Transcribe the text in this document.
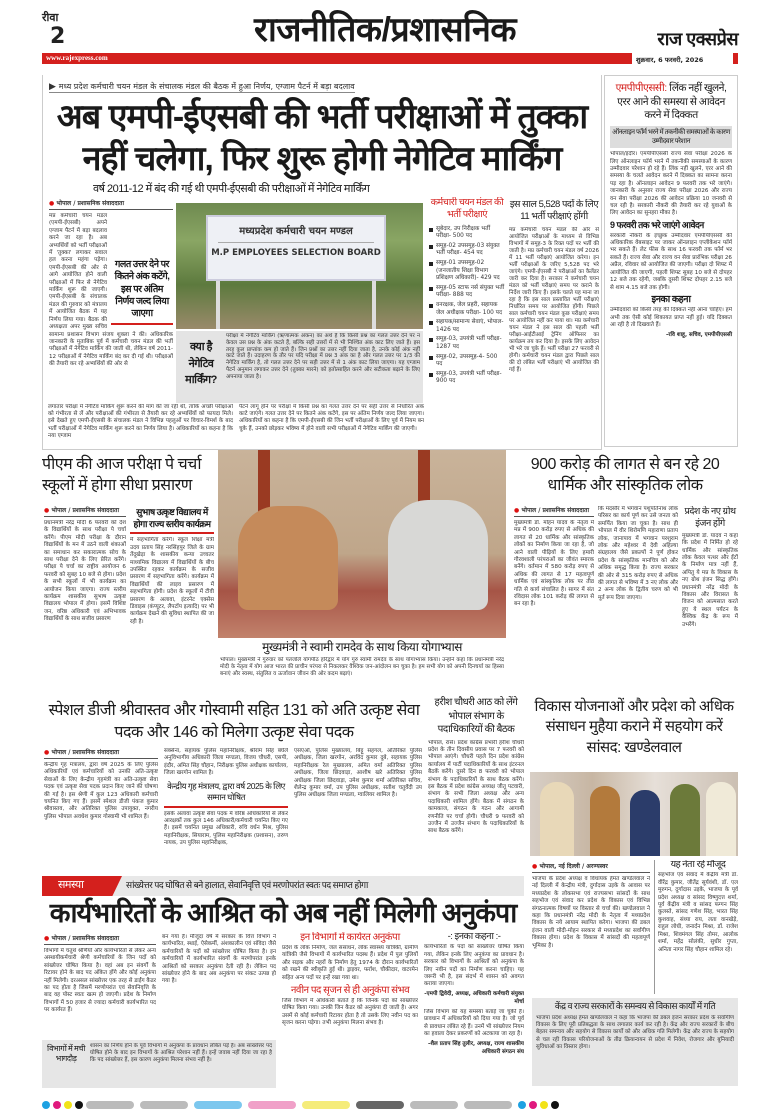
रीवा
2	राजनीतिक/प्रशासनिक	राज एक्सप्रेस
www.rajexpress.com	शुक्रवार, 6 फरवरी, 2026
▶ मध्य प्रदेश कर्मचारी चयन मंडल के संचालक मंडल की बैठक में हुआ निर्णय, एग्जाम पैटर्न में बड़ा बदलाव
अब एमपी-ईएसबी की भर्ती परीक्षाओं में तुक्का
नहीं चलेगा, फिर शुरू होगी नेगेटिव मार्किंग
वर्ष 2011-12 में बंद की गई थी एमपी-ईएसबी की परीक्षाओं में नेगेटिव मार्किंग
● भोपाल / प्रशासनिक संवाददाता
गलत उत्तर देने पर कितने अंक कटेंगे, इस पर अंतिम निर्णय जल्द लिया जाएगा
मप्र कर्मचारी चयन मंडल (एमपी-ईएसबी) अपने एग्जाम पैटर्न में बड़ा बदलाव करने जा रहा है। अब अभ्यर्थियों को भर्ती परीक्षाओं में 'तुक्का' लगाकर सवाल हल करना महंगा पड़ेगा। एमपी-ईएसबी की ओर से आगे आयोजित होने वाली परीक्षाओं में फिर से नेगेटिव मार्किंग शुरू की जाएगी। एमपी-ईएसबी के संचालक मंडल की गुरुवार को मंत्रालय में आयोजित बैठक में यह निर्णय लिया गया। बैठक की अध्यक्षता अपर मुख्य सचिव सामान्य प्रशासन विभाग संजय शुक्ला ने की। अधिकारिक जानकारी के मुताबिक पूर्व में कर्मचारी चयन मंडल की भर्ती परीक्षाओं में नेगेटिव मार्किंग की जाती थी, लेकिन वर्ष 2011-12 परीक्षाओं में नेगेटिव मार्किंग बंद कर दी गई थी। परीक्षाओं की तैयारी कर रहे अभ्यर्थियों की ओर से
मध्यप्रदेश कर्मचारी चयन मण्डल
M.P EMPLOYEES SELECTION BOARD
क्या है नेगेटिव मार्किंग?
परीक्षा में नेगेटिव मार्किंग (ऋणात्मक अंकन) का अर्थ है कि किसी प्रश्न का गलत उत्तर देने पर न केवल उस प्रश्न के अंक कटते हैं, बल्कि सही उत्तरों में से भी निश्चित अंक काट लिए जाते हैं। इस तरह कुल प्राप्तांक कम हो जाते हैं। जिन प्रश्नों का उत्तर नहीं दिया जाता है, उनके कोई अंक नहीं काटे जाते हैं। उदाहरण के तौर पर यदि परीक्षा में प्रश्न 3 अंक का है और गलत उत्तर पर 1/3 की नेगेटिव मार्किंग है, तो गलत उत्तर देने पर सही उत्तर में से 1 अंक काट लिया जाएगा। यह एग्जाम पैटर्न अनुमान लगाकर उत्तर देने (तुक्का मारने) को हतोत्साहित करने और सटीकता बढ़ाने के लिए अपनाया जाता है।
कर्मचारी चयन मंडल की भर्ती परीक्षाएं
सूबेदार, उप निरीक्षक भर्ती परीक्षा- 500 पद
समूह-02 उपसमूह-03 संयुक्त भर्ती परीक्षा- 454 पद
समूह-01 उपसमूह-02 (जनजातीय शिक्षा विभाग प्रशिक्षण अधिकारी)- 429 पद
समूह-05 स्टाफ नर्स संयुक्त भर्ती परीक्षा- 888 पद
वनरक्षक, जेल प्रहरी, सहायक जेल अधीक्षक परीक्षा- 100 पद
सहायक/सामान्य सेवाएं, भोपाल- 1426 पद
समूह-03, उपयंत्री भर्ती परीक्षा- 1287 पद
समूह-02, उपसमूह-4- 500 पद
समूह-03, उपयंत्री भर्ती परीक्षा- 900 पद
इस साल 5,528 पदों के लिए 11 भर्ती परीक्षाएं होंगी
मप्र कर्मचारी चयन मंडल की ओर से आयोजित परीक्षाओं के माध्यम से विभिन्न विभागों में समूह-3 के रिक्त पदों पर भर्ती की जाती है। मप्र कर्मचारी चयन मंडल वर्ष 2026 में 11 भर्ती परीक्षाएं आयोजित करेगा। इन भर्ती परीक्षाओं के जरिए 5,528 पद भरे जाएंगे। एमपी-ईएसबी ने परीक्षाओं का कैलेंडर जारी कर दिया है। सरकार ने कर्मचारी चयन मंडल को भर्ती परीक्षाएं समय पर कराने के निर्देश जारी किए हैं। इसके चलते यह माना जा रहा है कि इस साल प्रस्तावित भर्ती परीक्षाएं निर्धारित समय पर आयोजित होंगी। पिछले साल कर्मचारी चयन मंडल कुछ परीक्षाएं समय पर आयोजित नहीं कर पाया था। मप्र कर्मचारी चयन मंडल ने इस साल की पहली भर्ती परीक्षा-आईटीआई ट्रेनिंग ऑफिसर का कार्यक्रम तय कर दिया है। इसके लिए आवेदन भी भरे जा चुके हैं। भर्ती परीक्षा 27 फरवरी से होगी। कर्मचारी चयन मंडल द्वारा पिछले साल की दो लंबित भर्ती परीक्षाएं भी आयोजित की गई हैं।
लगातार परीक्षा में नेगेटिव मार्किंग शुरू करने की मांग की जा रही थी, ताकि अच्छी परीक्षाओं को गंभीरता से लें और परीक्षाओं की गंभीरता से तैयारी कर रहे अभ्यर्थियों को फायदा मिले। इसे देखते हुए एमपी-ईएसबी के संचालक मंडल ने विभिन्न पहलुओं पर विचार-विमर्श के बाद भर्ती परीक्षाओं में नेगेटिव मार्किंग शुरू करने का निर्णय लिया है। अधिकारियों का कहना है कि नया एग्जाम
पैटर्न लागू होने पर परीक्षा में किसी प्रश्न का गलत उत्तर देने पर सही उत्तर से निर्धारित अंक काटे जाएंगे। गलत उत्तर देने पर कितने अंक कटेंगे, इस पर अंतिम निर्णय जल्द लिया जाएगा। अधिकारियों का कहना है कि एमपी-ईएसबी की जिन भर्ती परीक्षाओं के लिए पूर्व में नियम बन चुके हैं, उनको छोड़कर भविष्य में होने वाली सभी परीक्षाओं में नेगेटिव मार्किंग की जाएगी।
एमपीपीएससी: लिंक नहीं खुलने, एरर आने की समस्या से आवेदन करने में दिक्कत
ऑनलाइन फॉर्म भरने में तकनीकी समस्याओं के कारण उम्मीदवार परेशान
भोपाल/इंदौर। एमपीपीएससी राज्य सेवा परीक्षा 2026 के लिए ऑनलाइन फॉर्म भरने में तकनीकी समस्याओं के कारण उम्मीदवार परेशान हो रहे हैं। लिंक नहीं खुलने, एरर आने की समस्या के चलते आवेदन करने में दिक्कत का सामना करना पड़ रहा है। ऑनलाइन आवेदन 9 फरवरी तक भरे जाएंगे। जानकारी के अनुसार राज्य सेवा परीक्षा 2026 और राज्य वन सेवा परीक्षा 2026 की आवेदन प्रक्रिया 10 जनवरी से चल रही है। सरकारी नौकरी की तैयारी कर रहे युवाओं के लिए आवेदन का सुनहरा मौका है।
9 फरवरी तक भरे जाएंगे आवेदन
सरकारी नौकरी के इच्छुक उम्मीदवार एमपीपीएससी की अधिकारिक वेबसाइट पर जाकर ऑनलाइन एप्लीकेशन फॉर्म भर सकते हैं। लेट फीस के साथ 16 फरवरी तक फॉर्म भर सकते हैं। राज्य सेवा और राज्य वन सेवा प्रारंभिक परीक्षा 26 अप्रैल, रविवार को आयोजित की जाएगी। परीक्षा दो शिफ्ट में आयोजित की जाएगी, पहली शिफ्ट सुबह 10 बजे से दोपहर 12 बजे तक रहेगी, जबकि दूसरी शिफ्ट दोपहर 2.15 बजे से शाम 4.15 बजे तक होगी।
इनका कहना
उम्मीदवारों को किसी तरह की दिक्कत नहीं आना चाहिए। हमें अभी तक ऐसी कोई शिकायत प्राप्त नहीं हुई। यदि दिक्कत आ रही है तो दिखवाते हैं।
-रवि शाहू, सचिव, एमपीपीएससी
पीएम की आज परीक्षा पे चर्चा स्कूलों में होगा सीधा प्रसारण
● भोपाल / प्रशासनिक संवाददाता
प्रधानमंत्री नरेंद्र मोदी 6 फरवरी को देश के विद्यार्थियों के साथ परीक्षा पे चर्चा करेंगे। पीएम मोदी परीक्षा के दौरान विद्यार्थियों के मन में उठने वाली शंकाओं का समाधान कर सकारात्मक सोच के साथ परीक्षा देने के लिए प्रेरित करेंगे। परीक्षा पे चर्चा का राष्ट्रीय आयोजन 6 फरवरी को सुबह 10 बजे से होगा। प्रदेश के सभी स्कूलों में भी कार्यक्रम का आयोजन किया जाएगा। राज्य स्तरीय कार्यक्रम शासकीय सुभाष उत्कृष्ट विद्यालय भोपाल में होगा। इसमें विशिष्ट जन, वरिष्ठ अधिकारी एवं अभिभावक विद्यार्थियों के साथ सजीव प्रसारण
सुभाष उत्कृष्ट विद्यालय में होगा राज्य स्तरीय कार्यक्रम
में सहभागिता करेंगे। स्कूल शिक्षा मंत्री उदय प्रताप सिंह नरसिंहपुर जिले के ग्राम तेंदूखेड़ा के शासकीय कन्या उच्चतर माध्यमिक विद्यालय में विद्यार्थियों के बीच उपस्थित रहकर कार्यक्रम के सजीव प्रसारण में सहभागिता करेंगे। कार्यक्रम में विद्यार्थियों की लाइव प्रसारण में सहभागिता होगी। प्रदेश के स्कूलों में टीवी प्रसारण के अलावा, इंटरनेट एक्सेस डिवाइस (कंप्यूटर, लैपटॉप इत्यादि) पर भी कार्यक्रम देखने की सुविधा स्थापित की जा रही है।
मुख्यमंत्री ने स्वामी रामदेव के साथ किया योगाभ्यास
भोपाल। मुख्यमंत्री ने गुरुवार को पतंजलि योगपीठ हरिद्वार में योग गुरु स्वामी रामदेव के साथ योगाभ्यास किया। उन्होंने कहा कि प्रधानमंत्री नरेंद्र मोदी के नेतृत्व में योग आज भारत की प्राचीन परंपरा से निकलकर वैश्विक जन-आंदोलन बन चुका है। हम सभी योग को अपनी दिनचर्या का हिस्सा बनाएं और स्वस्थ, संतुलित व ऊर्जावान जीवन की ओर कदम बढ़ाएं।
900 करोड़ की लागत से बन रहे 20 धार्मिक और सांस्कृतिक लोक
● भोपाल / प्रशासनिक संवाददाता
मुख्यमंत्री डॉ. मोहन यादव के नेतृत्व में मप्र में 900 करोड़ रुपए से अधिक की लागत से 20 धार्मिक और सांस्कृतिक लोकों का निर्माण किया जा रहा है, जो आने वाली पीढ़ियों के लिए हमारी गौरवशाली परंपराओं का जीवंत स्मारक बनेंगे। वर्तमान में 580 करोड़ रुपए से अधिक की लागत से 17 महत्वपूर्ण धार्मिक एवं सांस्कृतिक लोक पर तीव्र गति से कार्य संचालित है। सागर में संत रविदास लोक 101 करोड़ की लागत से बन रहा है।
कि मंदसौर में भगवान पशुपतिनाथ लोक परिसर का कार्य पूर्ण कर उसे जनता को समर्पित किया जा चुका है। साथ ही भोपाल में वीर शिरोमणि महाराणा प्रताप लोक, जानापाव में भगवान परशुराम लोक और महेश्वर में देवी अहिल्या संग्रहालय जैसे प्रकल्पों ने पूर्ण होकर प्रदेश के सांस्कृतिक मानचित्र को और अधिक समृद्ध किया है। राज्य सरकार की ओर से 315 करोड़ रुपए से अधिक की लागत से भविष्य में 3 नए लोक और 2 अन्य लोक के द्वितीय चरण को भी मूर्त रूप दिया जाएगा।
प्रदेश के नए ग्रोथ इंजन होंगे
मुख्यमंत्री डॉ. यादव ने कहा कि प्रदेश में निर्मित हो रहे धार्मिक और सांस्कृतिक लोक केवल पत्थर और ईंटों के निर्माण मात्र नहीं हैं, अपितु ये मप्र के विकास के नए ग्रोथ इंजन सिद्ध होंगे। प्रधानमंत्री नरेंद्र मोदी के विकास और विरासत के विजन को आत्मसात करते हुए ये स्थल पर्यटन के वैश्विक केंद्र के रूप में उभरेंगे।
स्पेशल डीजी श्रीवास्तव और गोस्वामी सहित 131 को अति उत्कृष्ट सेवा पदक और 146 को मिलेगा उत्कृष्ट सेवा पदक
● भोपाल / प्रशासनिक संवाददाता
केन्द्रीय गृह मंत्रालय, द्वारा वर्ष 2025 के लिए पुलिस अधिकारियों एवं कर्मचारियों को उनकी अति-उत्कृष्ट सेवाओं के लिए केन्द्रीय गृहमंत्री का अति-उत्कृष्ट सेवा पदक एवं उत्कृष्ट सेवा पदक प्रदान किए जाने की घोषणा की गई है। इस श्रेणी में कुल 123 अधिकारी कर्मचारी चयनित किए गए हैं। इसमें स्पेशल डीजी पंकज कुमार श्रीवास्तव, और अतिरिक्त पुलिस उपायुक्त, नगरीय पुलिस भोपाल अवधेश कुमार गोस्वामी भी शामिल हैं।
सक्सेना, सहायक पुलिस महानिरीक्षक, श्रीराम सिंह बघेले अनुविभागीय अधिकारी जिला मण्डला, विजय चौधरी, एसपी, इंदौर, अमित सिंह चौहान, निरीक्षक पुलिस अधीक्षक कार्यालय, जिला खरगोन शामिल है।
केन्द्रीय गृह मंत्रालय, द्वारा वर्ष 2025 के लिए सम्मान घोषित
इसके अलावा उत्कृष्ट सेवा पदक में वरिष्ठ अधिकारियों से लेकर आरक्षकों तक कुल 146 अधिकारी/कर्मचारी चयनित किए गए हैं। इसमें चयनित प्रमुख अधिकारी, रुचि वर्धन मिश्र, पुलिस महानिरीक्षक, सियाराम, पुलिस महानिरीक्षक (प्रशासन), तरुण नायक, उप पुलिस महानिरीक्षक,
एसएओ, पुलिस मुख्यालय, बिट्टू सहगल, अतिरिक्त पुलिस अधीक्षक, जिला खरगोन, अरविंद कुमार दुबे, सहायक पुलिस महानिरीक्षक रेल मुख्यालय, अमित वर्मा अतिरिक्त पुलिस अधीक्षक, जिला छिंदवाड़ा, आशीष खरे अतिरिक्त पुलिस अधीक्षक जिला छिंदवाड़ा, उमेश कुमार शर्मा अतिरिक्त सचिव, शैलेन्द्र कुमार वर्मा, उप पुलिस अधीक्षक, सतीश चतुर्वेदी उप पुलिस अधीक्षक जिला मण्डला, ग्वालियर शामिल है।
हरीश चौधरी आठ को लेंगे भोपाल संभाग के पदाधिकारियों की बैठक
भोपाल, रासे। प्रदेश कांग्रेस प्रभारी हरीश चौधरी प्रदेश के तीन दिवसीय प्रवास पर 7 फरवरी को भोपाल आएंगे। चौधरी पहले दिन प्रदेश कांग्रेस कार्यालय में पार्टी पदाधिकारियों के साथ इंटरनल बैठकें करेंगे। दूसरे दिन 8 फरवरी को भोपाल संभाग के पदाधिकारियों के साथ बैठक करेंगे। इस बैठक में प्रदेश कांग्रेस अध्यक्ष जीतू पटवारी, संभाग के सभी जिला अध्यक्ष और अन्य पदाधिकारी शामिल होंगे। बैठक में संगठन के कामकाज, संगठन के गठन और आगामी रणनीति पर चर्चा होगी। चौधरी 9 फरवरी को उज्जैन में उज्जैन संभाग के पदाधिकारियों के साथ बैठक करेंगे।
विकास योजनाओं और प्रदेश को अधिक संसाधन मुहैया कराने में सहयोग करें सांसद: खण्डेलवाल
● भोपाल, नई दिल्ली / अरण्यस्वर
भाजपा के प्रदेश अध्यक्ष व विधायक हेमंत खण्डेलवाल ने नई दिल्ली में केन्द्रीय मंत्री, दुर्गादास उइके के आवास पर मध्यप्रदेश के लोकसभा एवं राज्यसभा सांसदों के साथ सहभोज एवं संवाद कर प्रदेश के विकास एवं विभिन्न संगठनात्मक विषयों पर विस्तार से चर्चा की। खण्डेलवाल ने कहा कि प्रधानमंत्री नरेंद्र मोदी के नेतृत्व में मध्यप्रदेश विकास के नये आयाम स्थापित करेगा। भाजपा की डबल इंजन वाली मोदी-मोहन सरकार से मध्यप्रदेश का सर्वांगीण विकास होगा। प्रदेश के विकास में सांसदों की महत्वपूर्ण भूमिका है।
यह नेता रहे मौजूद
सहभोज एवं संवाद में केंद्रीय मंत्री डॉ. वीरेंद्र कुमार, जीतेंद्र सूर्यवंशी, डॉ. एल मुरुगन, दुर्गादास उइके, भाजपा के पूर्व प्रदेश अध्यक्ष व सांसद विष्णुदत्त शर्मा, पूर्व केंद्रीय मंत्री व सांसद फग्गन सिंह कुलस्ते, सांसद गणेश सिंह, भारत सिंह कुशवाह, संध्या राय, लता वानखेड़े, राहुल लोधी, जनार्दन मिश्रा, डॉ. राजेश मिश्रा, शिवमंगल सिंह तोमर, आलोक शर्मा, महेंद्र सोलंकी, सुधीर गुप्ता, अनिता नागर सिंह चौहान शामिल रहे।
केंद्र व राज्य सरकारों के समन्वय से विकास कार्यों में गति
भाजपा प्रदेश अध्यक्ष हेमंत खण्डेलवाल ने कहा कि भाजपा की डबल इंजन सरकार प्रदेश के सर्वांगीण विकास के लिए पूरी प्रतिबद्धता के साथ लगातार कार्य कर रही है। केंद्र और राज्य सरकारों के बीच बेहतर समन्वय और सहयोग से विकास कार्यों को और अधिक गति मिलेगी। केंद्र और राज्य के सहयोग से चल रही विकास परियोजनाओं के तीव्र क्रियान्वयन से प्रदेश में निवेश, रोजगार और बुनियादी सुविधाओं का विस्तार होगा।
समस्या	सांख्येत्तर पद घोषित से बने हालात, सेवानिवृत्ति एवं मरणोपरांत स्वतः पद समाप्त होगा
कार्यभारितों के आश्रित को अब नहीं मिलेगी अनुकंपा
● भोपाल / प्रशासनिक संवाददाता
विभागों में चतुर्थ श्रेणियों और कार्यभारितों से लेकर अन्य अस्थायीकर्मचारी श्रेणी कर्मचारियों के जिन पदों को सांख्येत्तर घोषित किया है। वहां अब इन संवर्गों के रिटायर होने के बाद पद अंकित होंगे और कोई अनुकंपा नहीं मिलेगी। दरअसल सांख्येत्तर एक तरह से डाईंग कैडर का पद होता है जिसमें मरणोपरांत एवं सेवानिवृत्ति के बाद वह पोस्ट स्वतः खत्म हो जाएगी। प्रदेश के निर्माण विभागों में 50 हजार से ज्यादा कर्मचारी कार्यभारित पद पर कार्यरत हैं।
बन गया है। मौजूदा वर्ष में सरकार के वित्त विभाग ने कार्यभारित, स्थाई, ऐसेकर्मी, अंशकालीन एवं संविदा जैसे कर्मचारियों के पदों को सांख्येत्तर घोषित किया है। इन कर्मचारियों में कार्यभारित संवर्गों के मरणोपरांत इनके आश्रितों को सरकार अनुकंपा देती रही है। लेकिन पद सांख्येत्तर होने के बाद अब अनुकंपा पर संकट उत्पन्न हो गया है।
इन विभागों में कार्यरत अनुकंपा
प्रदेश के लोक निर्माण, जल संसाधन, लोक स्वास्थ्य यांत्रिकी, ग्रामीण यांत्रिकी जैसे विभागों में कार्यभारित पदस्थ हैं। प्रदेश में पुल पुलियों और सड़क और नहरों के निर्माण हेतु 1974 के दौरान कार्यभारितों को रखने की स्वीकृति हुई थी। ड्राइवर, फर्राश, चौकीदार, वाटरमेन सहित अन्य पदों पर इन्हें रखा गया था।
नवीन पद सृजन से ही अनुकंपा संभव
जिस विभाग में अधिकारी बताते हैं कि जिनके पदों को सांख्येत्तर घोषित किया गया। उनकी जिन कैडर को अनुकंपा दी जाती है। अगर उसमें से कोई कर्मचारी रिटायर होता है तो उसके लिए नवीन पद का सृजन करना पड़ेगा। तभी अनुकंपा मिलना संभव है।
-: इनका कहना :-
कार्यभारितों के पदों को सांख्येत्तर घोषित किया गया, लेकिन इनके लिए अनुकंपा का प्रावधान है। सरकार को विभागों के आश्रितों को अनुकंपा के लिए नवीन पदों का निर्माण करना चाहिए। यह जरूरी भी है, इस संदर्भ में शासन को अवगत कराया जाएगा।
-एमपी द्विवेदी, अध्यक्ष, अधिकारी कर्मचारी संयुक्त मोर्चा
जिस विभाग को यह समस्या बताई जा चुकी है। प्रावधान में अधिकारियों को दिया गया है। जो पूर्व से प्रावधान लंबित रहे हैं। उनमें भी सांख्येत्तर नियम का हवाला देकर प्रकरणों को अटकाया जा रहा है।
-शैल प्रताप सिंह तुलीर, अध्यक्ष, राज्य शासकीय अधिकारी संगठन संघ
विभागों में मची भागदौड़
शासन का निर्णय होने के पूर्व विभागों में अनुकंपा के प्रावधान लंबित पड़े हैं। अब सांख्येत्तर पद घोषित होने के बाद इन विभागों के आश्रित परेशान नहीं हैं। इन्हें जवाब नहीं दिया जा रहा है कि पद सांख्येत्तर हैं, इस कारण अनुकंपा मिलना संभव नहीं है।
